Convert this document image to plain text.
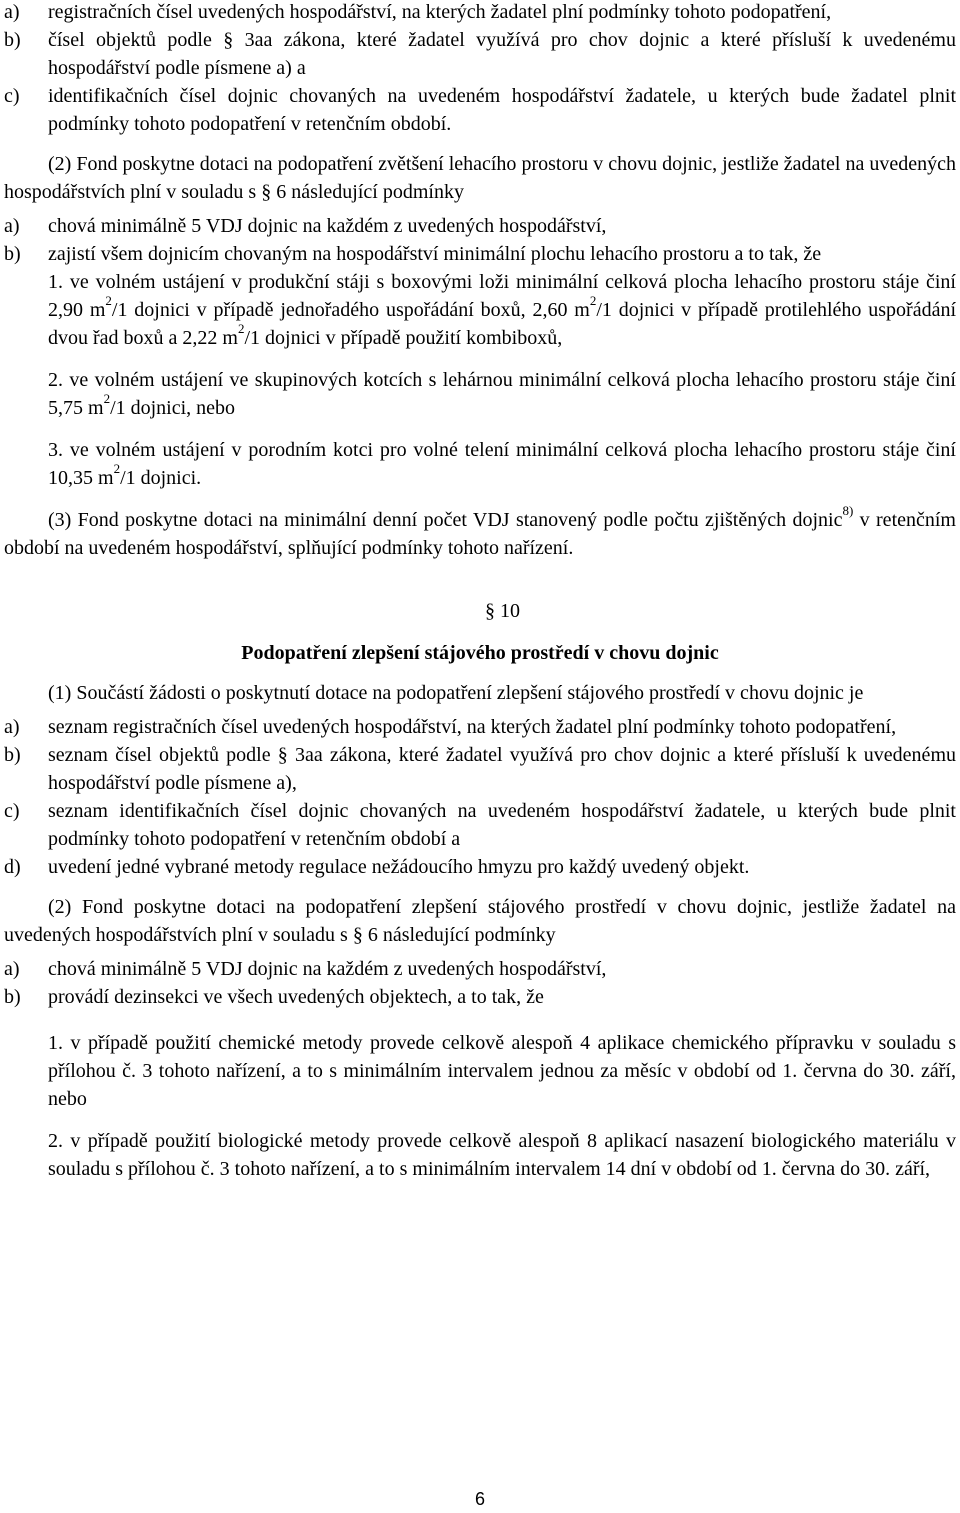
a) registračních čísel uvedených hospodářství, na kterých žadatel plní podmínky tohoto podopatření,
b) čísel objektů podle § 3aa zákona, které žadatel využívá pro chov dojnic a které přísluší k uvedenému hospodářství podle písmene a) a
c) identifikačních čísel dojnic chovaných na uvedeném hospodářství žadatele, u kterých bude žadatel plnit podmínky tohoto podopatření v retenčním období.
(2) Fond poskytne dotaci na podopatření zvětšení lehacího prostoru v chovu dojnic, jestliže žadatel na uvedených hospodářstvích plní v souladu s § 6 následující podmínky
a) chová minimálně 5 VDJ dojnic na každém z uvedených hospodářství,
b) zajistí všem dojnicím chovaným na hospodářství minimální plochu lehacího prostoru a to tak, že
1. ve volném ustájení v produkční stáji s boxovými loži minimální celková plocha lehacího prostoru stáje činí 2,90 $m^2/1$ dojnici v případě jednořadého uspořádání boxů, 2,60 $m^2/1$ dojnici v případě protilehlého uspořádání dvou řad boxů a 2,22 $m^2/1$ dojnici v případě použití kombiboxů,
2. ve volném ustájení ve skupinových kotcích s lehárnou minimální celková plocha lehacího prostoru stáje činí 5,75 $m^2/1$ dojnici, nebo
3. ve volném ustájení v porodním kotci pro volné telení minimální celková plocha lehacího prostoru stáje činí 10,35 $m^2/1$ dojnici.
(3) Fond poskytne dotaci na minimální denní počet VDJ stanovený podle počtu zjištěných dojnic$^{8)}$ v retenčním období na uvedeném hospodářství, splňující podmínky tohoto nařízení.
§ 10
Podopatření zlepšení stájového prostředí v chovu dojnic
(1) Součástí žádosti o poskytnutí dotace na podopatření zlepšení stájového prostředí v chovu dojnic je
a) seznam registračních čísel uvedených hospodářství, na kterých žadatel plní podmínky tohoto podopatření,
b) seznam čísel objektů podle § 3aa zákona, které žadatel využívá pro chov dojnic a které přísluší k uvedenému hospodářství podle písmene a),
c) seznam identifikačních čísel dojnic chovaných na uvedeném hospodářství žadatele, u kterých bude plnit podmínky tohoto podopatření v retenčním období a
d) uvedení jedné vybrané metody regulace nežádoucího hmyzu pro každý uvedený objekt.
(2) Fond poskytne dotaci na podopatření zlepšení stájového prostředí v chovu dojnic, jestliže žadatel na uvedených hospodářstvích plní v souladu s § 6 následující podmínky
a) chová minimálně 5 VDJ dojnic na každém z uvedených hospodářství,
b) provádí dezinsekci ve všech uvedených objektech, a to tak, že
1. v případě použití chemické metody provede celkově alespoň 4 aplikace chemického přípravku v souladu s přílohou č. 3 tohoto nařízení, a to s minimálním intervalem jednou za měsíc v období od 1. června do 30. září, nebo
2. v případě použití biologické metody provede celkově alespoň 8 aplikací nasazení biologického materiálu v souladu s přílohou č. 3 tohoto nařízení, a to s minimálním intervalem 14 dní v období od 1. června do 30. září,
6
